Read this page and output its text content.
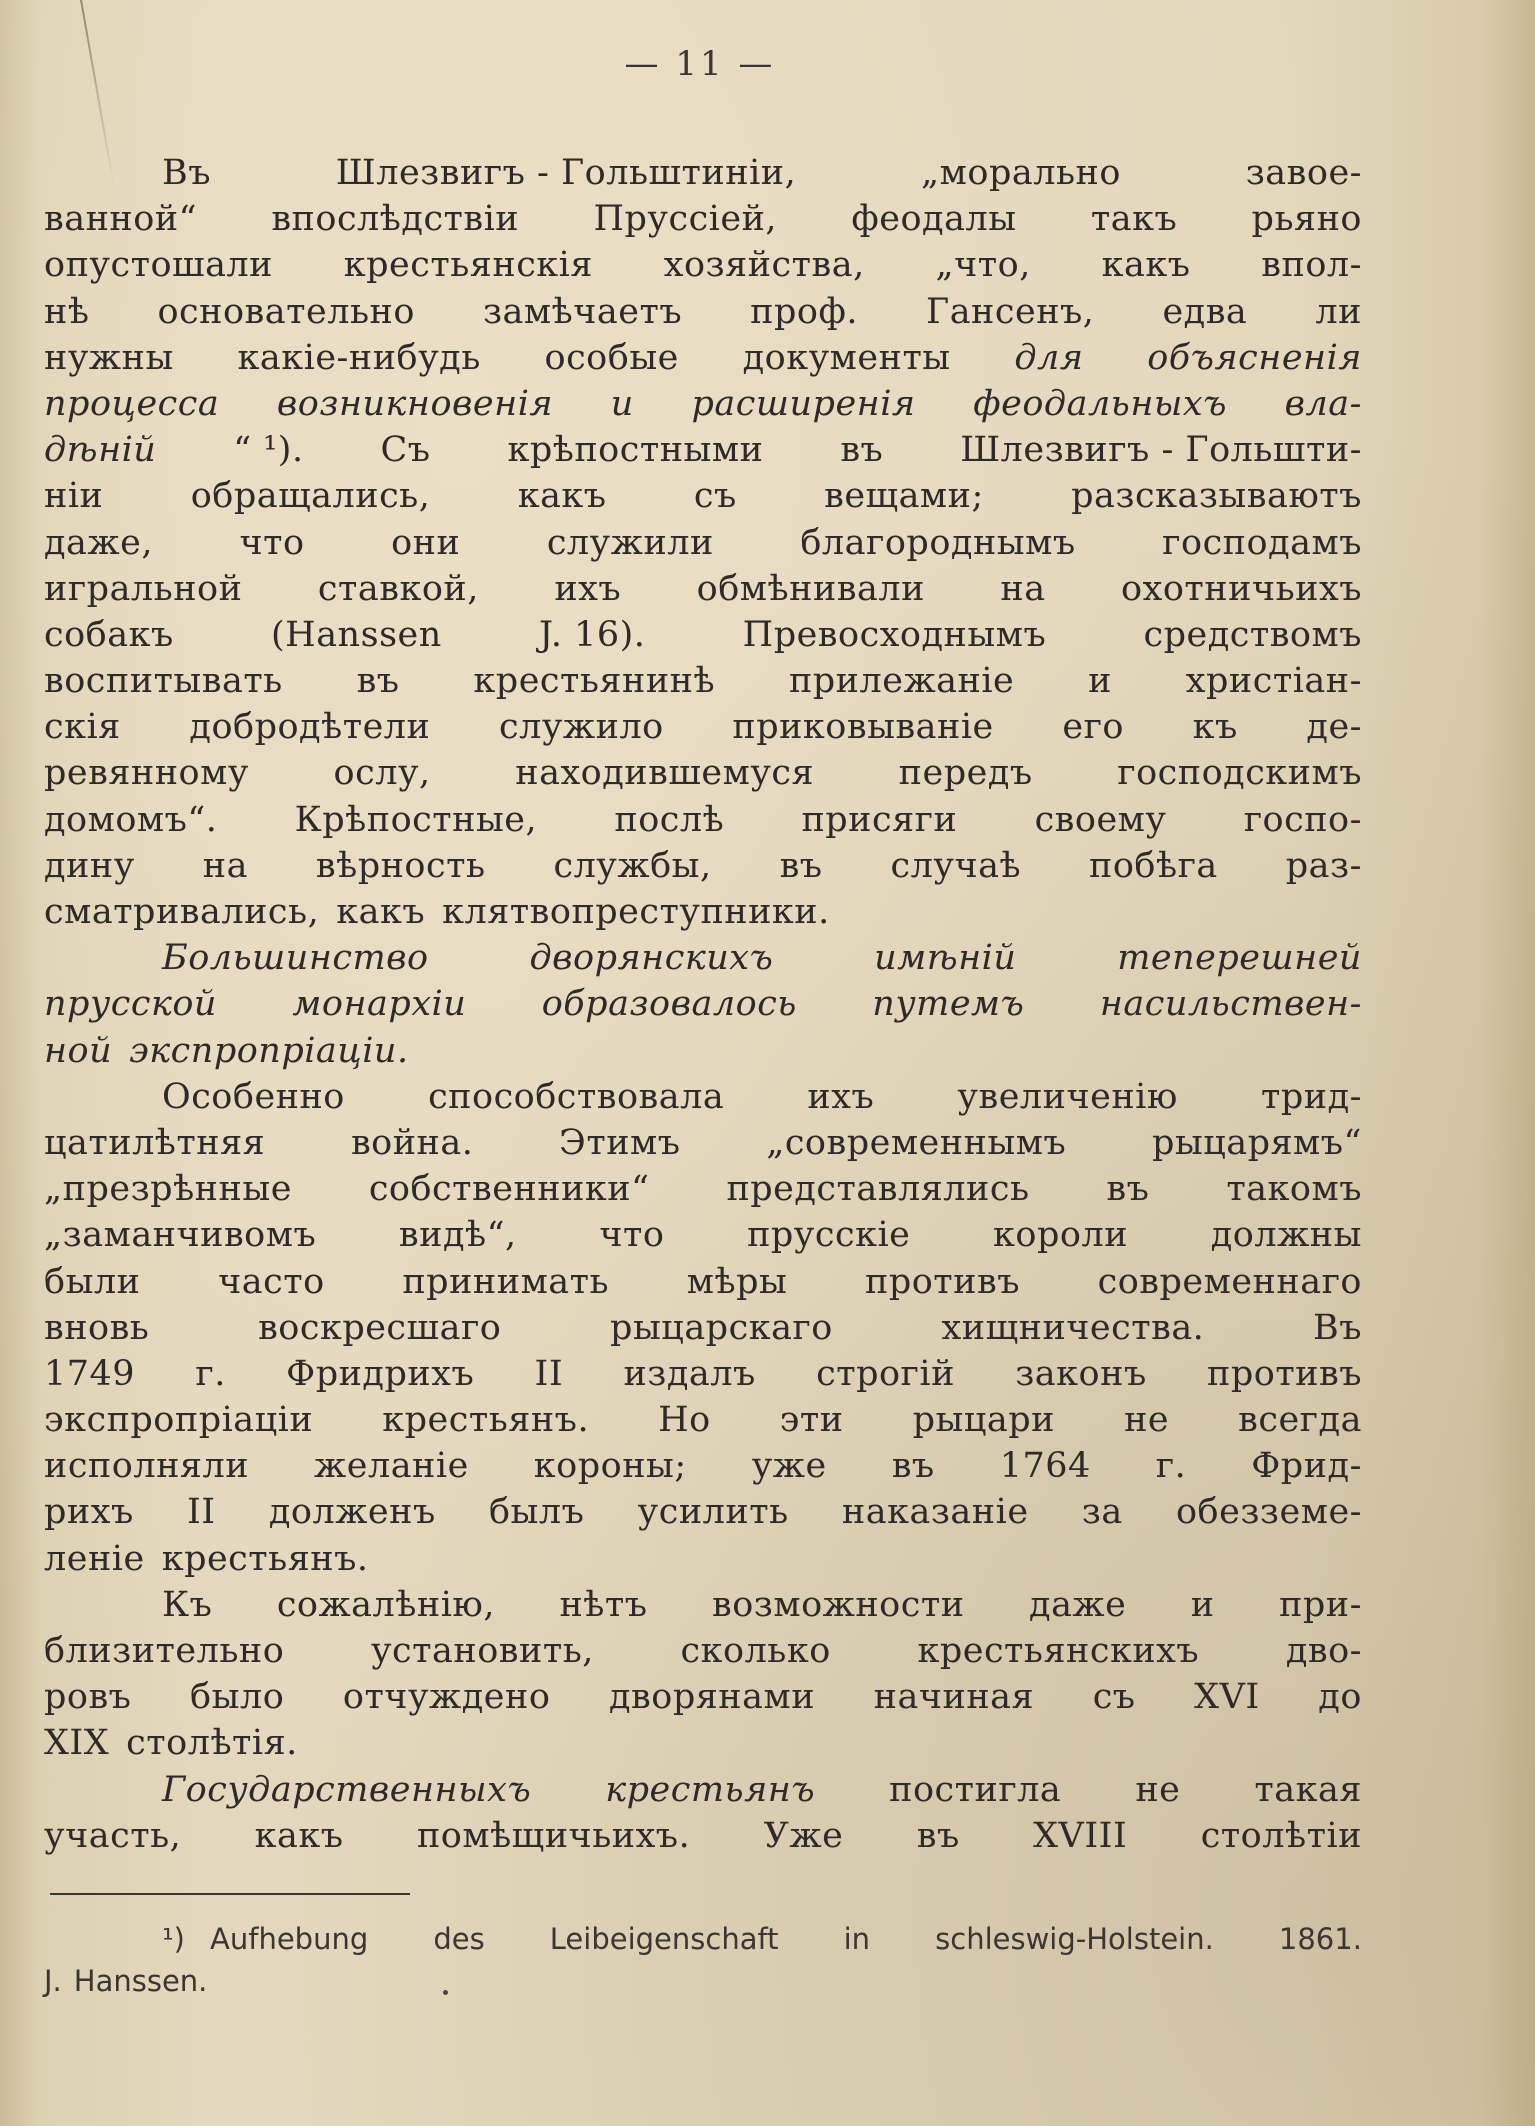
— 11 —
Въ	Шлезвигъ - Гольштиніи,	„морально	завое-
ванной“ впослѣдствіи Пруссіей, феодалы такъ рьяно
опустошали крестьянскія хозяйства, „что, какъ впол-
нѣ основательно замѣчаетъ проф. Гансенъ, едва ли
нужны какіе-нибудь особые документы для объясненія
процесса возникновенія и расширенія феодальныхъ вла-
дѣній “ ¹). Съ крѣпостными въ Шлезвигъ - Гольшти-
ніи обращались, какъ съ вещами; разсказываютъ
даже, что они служили благороднымъ господамъ
игральной ставкой, ихъ обмѣнивали на охотничьихъ
собакъ	(Hanssen	J. 16).	Превосходнымъ	средствомъ
воспитывать въ крестьянинѣ прилежаніе и христіан-
скія добродѣтели служило приковываніе его къ де-
ревянному ослу, находившемуся передъ господскимъ
домомъ“. Крѣпостные, послѣ присяги своему госпо-
дину на вѣрность службы, въ случаѣ побѣга раз-
сматривались, какъ клятвопреступники.
Большинство	дворянскихъ	имѣній	теперешней
прусской монархіи образовалось путемъ насильствен-
ной экспропріаціи.
Особенно способствовала ихъ увеличенію трид-
цатилѣтняя война. Этимъ „современнымъ рыцарямъ“
„презрѣнные собственники“ представлялись въ такомъ
„заманчивомъ видѣ“, что прусскіе короли должны
были часто принимать мѣры противъ современнаго
вновь	воскресшаго	рыцарскаго	хищничества.	Въ
1749 г. Фридрихъ II издалъ строгій законъ противъ
экспропріаціи крестьянъ. Но эти рыцари не всегда
исполняли желаніе короны; уже въ 1764 г. Фрид-
рихъ II долженъ былъ усилить наказаніе за обезземе-
леніе крестьянъ.
Къ сожалѣнію, нѣтъ возможности даже и при-
близительно установить, сколько крестьянскихъ дво-
ровъ было отчуждено дворянами начиная съ XVI до
XIX столѣтія.
Государственныхъ крестьянъ постигла не такая
участь, какъ помѣщичьихъ. Уже въ XVIII столѣтіи
¹) Aufhebung des Leibeigenschaft in schleswig-Holstein. 1861.
J. Hanssen.
